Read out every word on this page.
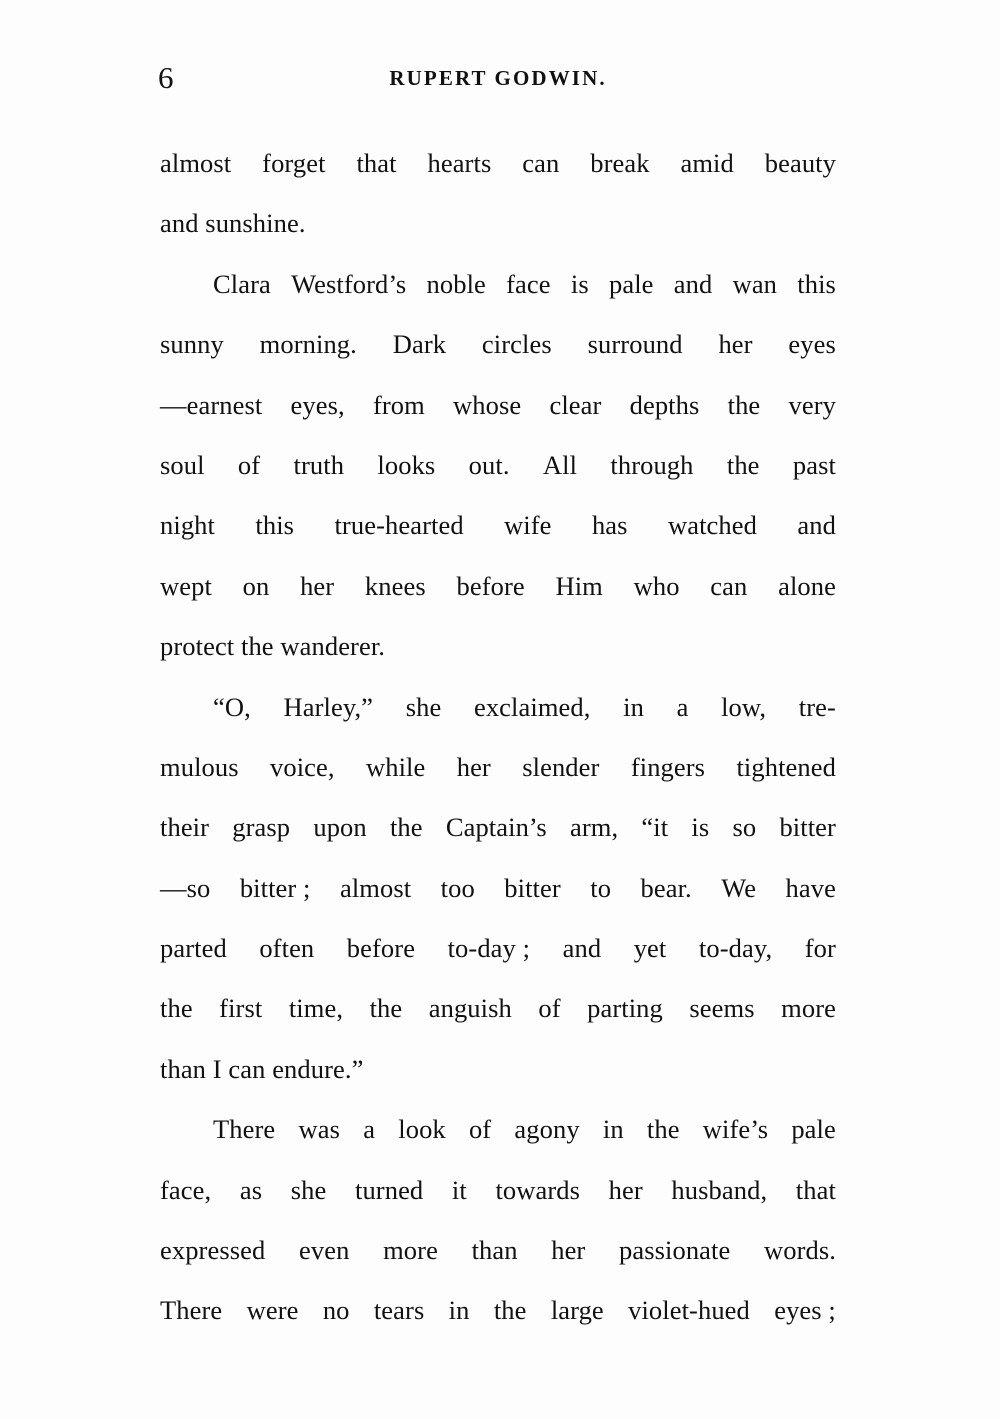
6	RUPERT GODWIN.
almost forget that hearts can break amid beauty
and sunshine.
Clara Westford’s noble face is pale and wan this
sunny morning. Dark circles surround her eyes
—earnest eyes, from whose clear depths the very
soul of truth looks out. All through the past
night this true-hearted wife has watched and
wept on her knees before Him who can alone
protect the wanderer.
“O, Harley,” she exclaimed, in a low, tre-
mulous voice, while her slender fingers tightened
their grasp upon the Captain’s arm, “it is so bitter
—so bitter ; almost too bitter to bear. We have
parted often before to-day ; and yet to-day, for
the first time, the anguish of parting seems more
than I can endure.”
There was a look of agony in the wife’s pale
face, as she turned it towards her husband, that
expressed even more than her passionate words.
There were no tears in the large violet-hued eyes ;
